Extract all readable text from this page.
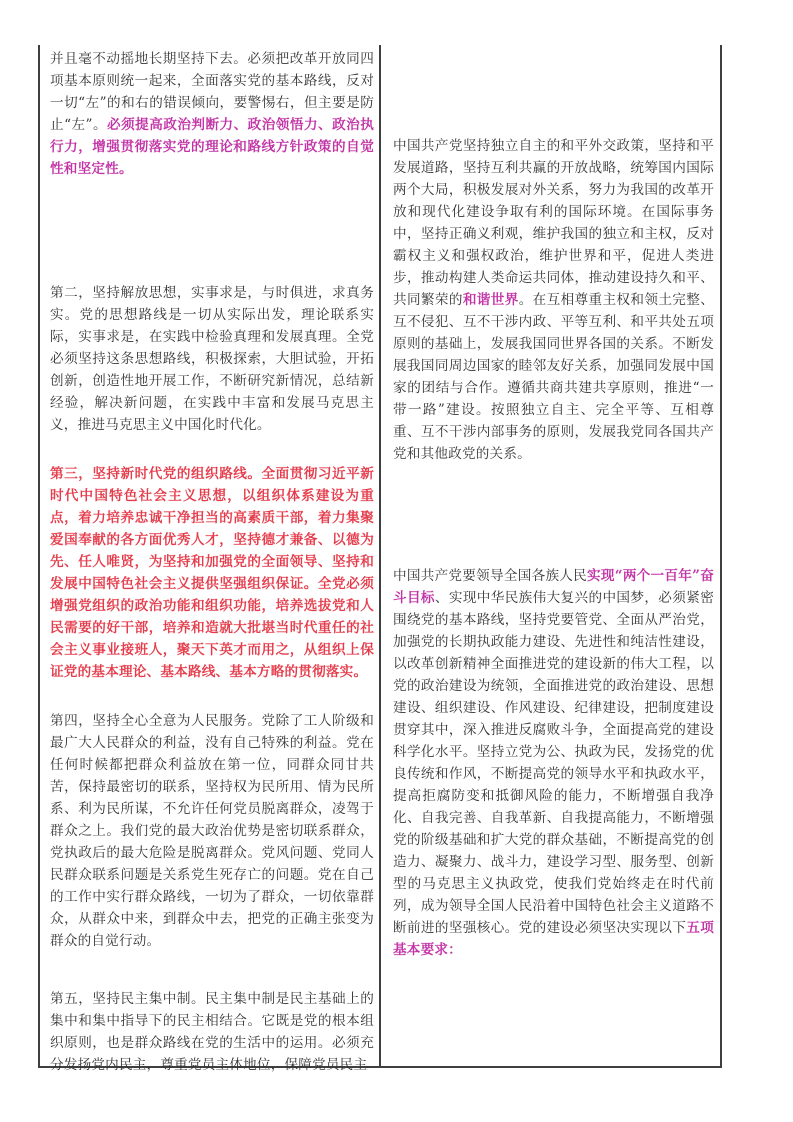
并且毫不动摇地长期坚持下去。必须把改革开放同四项基本原则统一起来，全面落实党的基本路线，反对一切“左”的和右的错误倾向，要警惕右，但主要是防止“左”。必须提高政治判断力、政治领悟力、政治执行力，增强贯彻落实党的理论和路线方针政策的自觉性和坚定性。

第二，坚持解放思想，实事求是，与时俱进，求真务实。党的思想路线是一切从实际出发，理论联系实际，实事求是，在实践中检验真理和发展真理。全党必须坚持这条思想路线，积极探索，大胆试验，开拓创新，创造性地开展工作，不断研究新情况，总结新经验，解决新问题，在实践中丰富和发展马克思主义，推进马克思主义中国化时代化。

第三，坚持新时代党的组织路线。全面贯彻习近平新时代中国特色社会主义思想，以组织体系建设为重点，着力培养忠诚干净担当的高素质干部，着力集聚爱国奉献的各方面优秀人才，坚持德才兼备、以德为先、任人唯贤，为坚持和加强党的全面领导、坚持和发展中国特色社会主义提供坚强组织保证。全党必须增强党组织的政治功能和组织功能，培养选拔党和人民需要的好干部，培养和造就大批堪当时代重任的社会主义事业接班人，聚天下英才而用之，从组织上保证党的基本理论、基本路线、基本方略的贯彻落实。

第四，坚持全心全意为人民服务。党除了工人阶级和最广大人民群众的利益，没有自己特殊的利益。党在任何时候都把群众利益放在第一位，同群众同甘共苦，保持最密切的联系，坚持权为民所用、情为民所系、利为民所谋，不允许任何党员脱离群众，凌驾于群众之上。我们党的最大政治优势是密切联系群众，党执政后的最大危险是脱离群众。党风问题、党同人民群众联系问题是关系党生死存亡的问题。党在自己的工作中实行群众路线，一切为了群众，一切依靠群众，从群众中来，到群众中去，把党的正确主张变为群众的自觉行动。

第五，坚持民主集中制。民主集中制是民主基础上的集中和集中指导下的民主相结合。它既是党的根本组织原则，也是群众路线在党的生活中的运用。必须充分发扬党内民主，尊重党员主体地位，保障党员民主

中国共产党坚持独立自主的和平外交政策，坚持和平发展道路，坚持互利共赢的开放战略，统筹国内国际两个大局，积极发展对外关系，努力为我国的改革开放和现代化建设争取有利的国际环境。在国际事务中，坚持正确义利观，维护我国的独立和主权，反对霸权主义和强权政治，维护世界和平，促进人类进步，推动构建人类命运共同体，推动建设持久和平、共同繁荣的和谐世界。在互相尊重主权和领土完整、互不侵犯、互不干涉内政、平等互利、和平共处五项原则的基础上，发展我国同世界各国的关系。不断发展我国同周边国家的睦邻友好关系，加强同发展中国家的团结与合作。遵循共商共建共享原则，推进“一带一路”建设。按照独立自主、完全平等、互相尊重、互不干涉内部事务的原则，发展我党同各国共产党和其他政党的关系。

中国共产党要领导全国各族人民实现“两个一百年”奋斗目标、实现中华民族伟大复兴的中国梦，必须紧密围绕党的基本路线，坚持党要管党、全面从严治党，加强党的长期执政能力建设、先进性和纯洁性建设，以改革创新精神全面推进党的建设新的伟大工程，以党的政治建设为统领，全面推进党的政治建设、思想建设、组织建设、作风建设、纪律建设，把制度建设贯穿其中，深入推进反腐败斗争，全面提高党的建设科学化水平。坚持立党为公、执政为民，发扬党的优良传统和作风，不断提高党的领导水平和执政水平，提高拒腐防变和抵御风险的能力，不断增强自我净化、自我完善、自我革新、自我提高能力，不断增强党的阶级基础和扩大党的群众基础，不断提高党的创造力、凝聚力、战斗力，建设学习型、服务型、创新型的马克思主义执政党，使我们党始终走在时代前列，成为领导全国人民沿着中国特色社会主义道路不断前进的坚强核心。党的建设必须坚决实现以下五项基本要求：
